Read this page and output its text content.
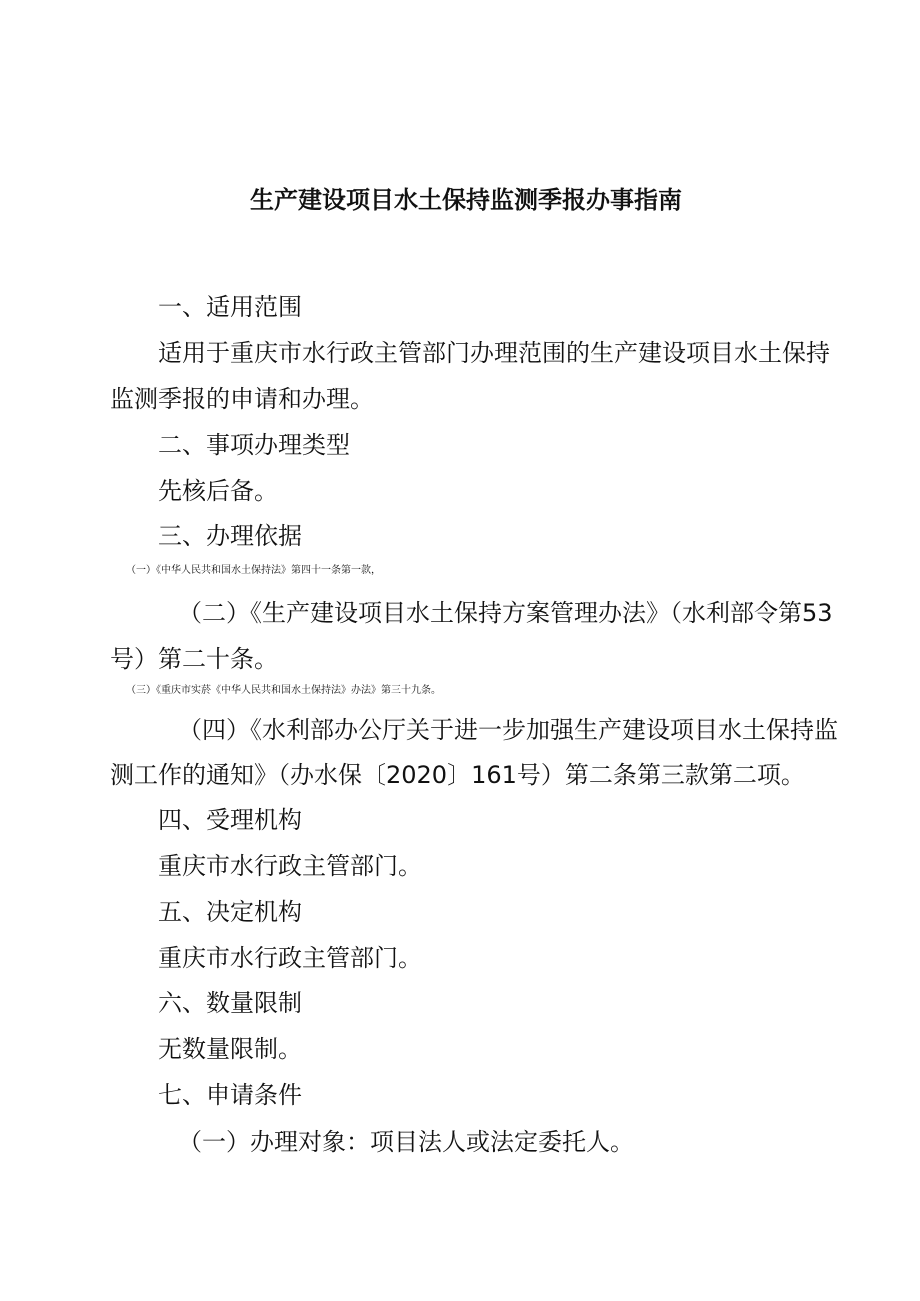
生产建设项目水土保持监测季报办事指南
一、适用范围
适用于重庆市水行政主管部门办理范围的生产建设项目水土保持
监测季报的申请和办理。
二、事项办理类型
先核后备。
三、办理依据
（一）《中华人民共和国水土保持法》第四十一条第一款，
（二）《生产建设项目水土保持方案管理办法》（水利部令第53
号）第二十条。
（三）《重庆市实菸《中华人民共和国水土保持法》办法》第三十九条。
（四）《水利部办公厅关于进一步加强生产建设项目水土保持监
测工作的通知》（办水保〔2020〕161号）第二条第三款第二项。
四、受理机构
重庆市水行政主管部门。
五、决定机构
重庆市水行政主管部门。
六、数量限制
无数量限制。
七、申请条件
（一）办理对象：项目法人或法定委托人。
